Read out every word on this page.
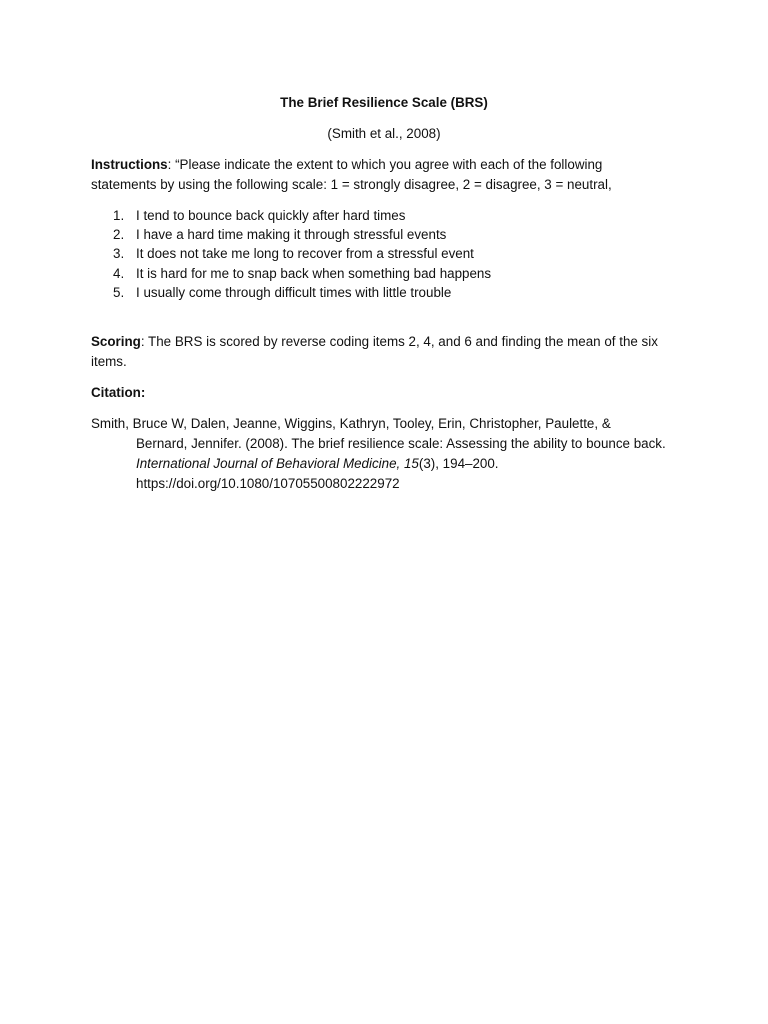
The Brief Resilience Scale (BRS)

(Smith et al., 2008)

Instructions: “Please indicate the extent to which you agree with each of the following
statements by using the following scale: 1 = strongly disagree, 2 = disagree, 3 = neutral,

1. I tend to bounce back quickly after hard times
2. I have a hard time making it through stressful events
3. It does not take me long to recover from a stressful event
4. It is hard for me to snap back when something bad happens
5. I usually come through difficult times with little trouble

Scoring: The BRS is scored by reverse coding items 2, 4, and 6 and finding the mean of the six
items.

Citation:

Smith, Bruce W, Dalen, Jeanne, Wiggins, Kathryn, Tooley, Erin, Christopher, Paulette, &
Bernard, Jennifer. (2008). The brief resilience scale: Assessing the ability to bounce back.
International Journal of Behavioral Medicine, 15(3), 194–200.
https://doi.org/10.1080/10705500802222972
